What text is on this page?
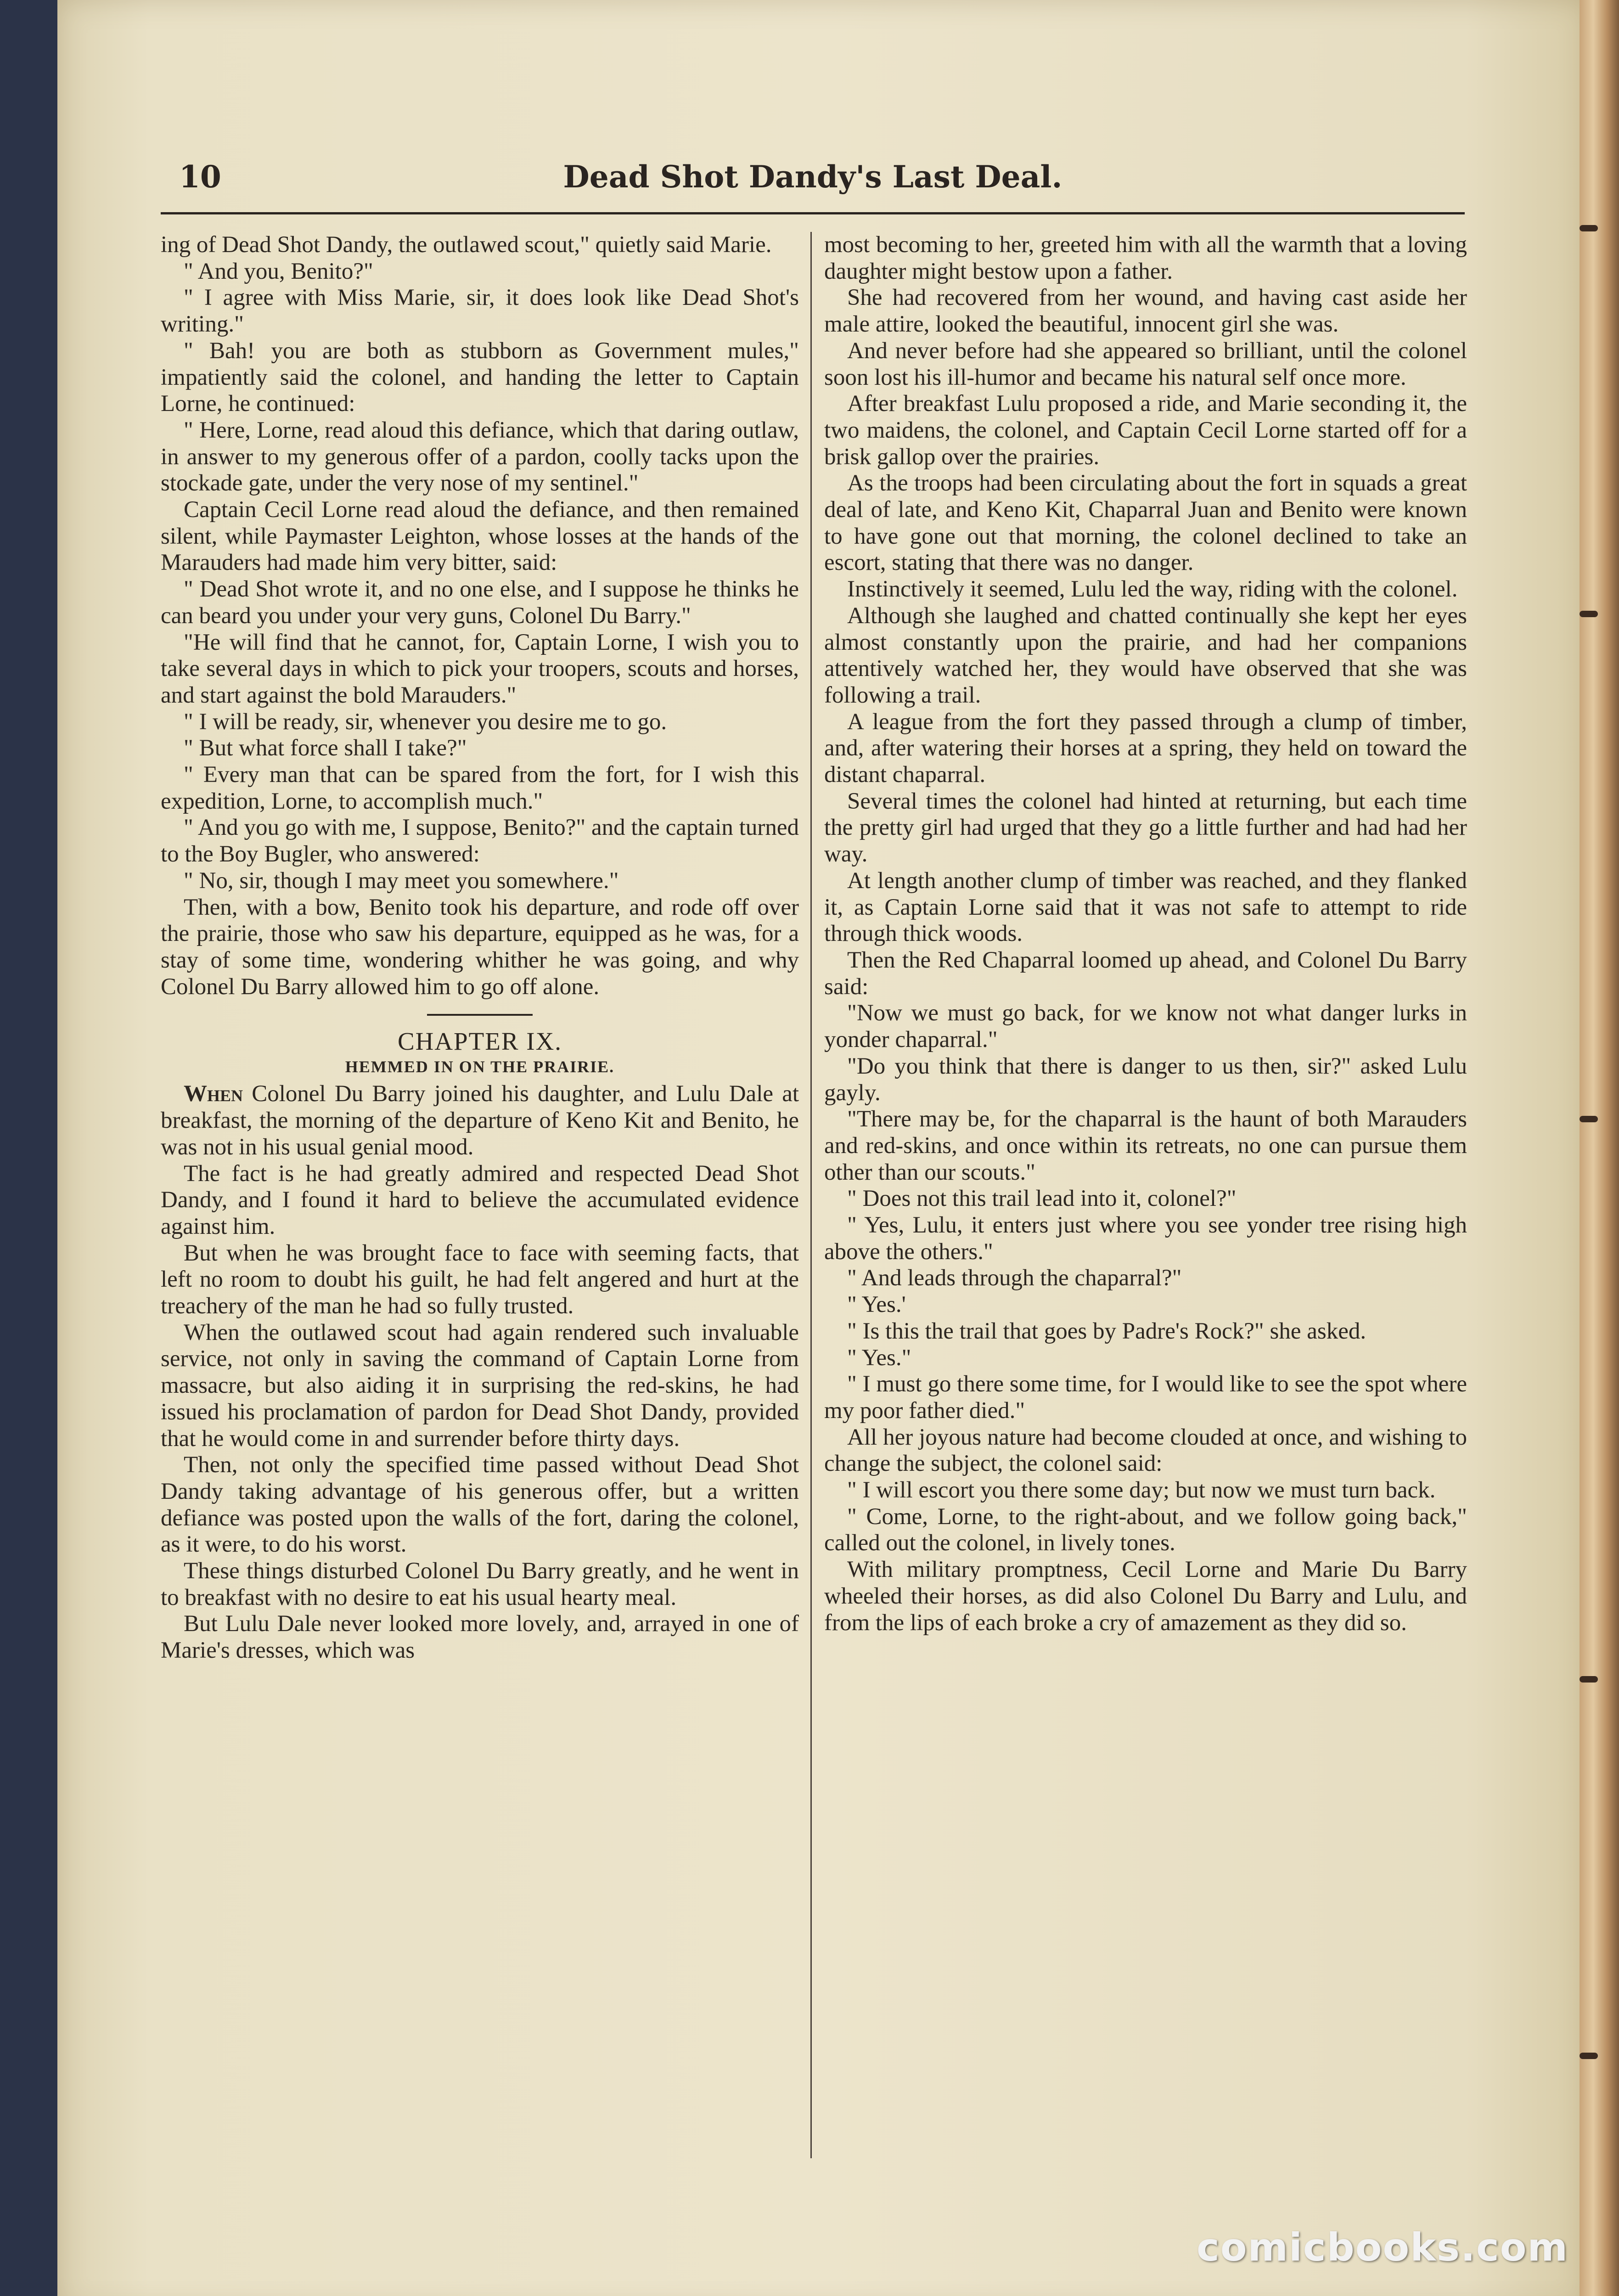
Dead Shot Dandy's Last Deal.
10

ing of Dead Shot Dandy, the outlawed scout," quietly said Marie.

" And you, Benito?"

" I agree with Miss Marie, sir, it does look like Dead Shot's writing."

" Bah! you are both as stubborn as Government mules," impatiently said the colonel, and handing the letter to Captain Lorne, he continued:

" Here, Lorne, read aloud this defiance, which that daring outlaw, in answer to my generous offer of a pardon, coolly tacks upon the stockade gate, under the very nose of my sentinel."

Captain Cecil Lorne read aloud the defiance, and then remained silent, while Paymaster Leighton, whose losses at the hands of the Marauders had made him very bitter, said:

" Dead Shot wrote it, and no one else, and I suppose he thinks he can beard you under your very guns, Colonel Du Barry."

"He will find that he cannot, for, Captain Lorne, I wish you to take several days in which to pick your troopers, scouts and horses, and start against the bold Marauders."

" I will be ready, sir, whenever you desire me to go.

" But what force shall I take?"

" Every man that can be spared from the fort, for I wish this expedition, Lorne, to accomplish much."

" And you go with me, I suppose, Benito?" and the captain turned to the Boy Bugler, who answered:

" No, sir, though I may meet you somewhere."

Then, with a bow, Benito took his departure, and rode off over the prairie, those who saw his departure, equipped as he was, for a stay of some time, wondering whither he was going, and why Colonel Du Barry allowed him to go off alone.

CHAPTER IX.
HEMMED IN ON THE PRAIRIE.

When Colonel Du Barry joined his daughter, and Lulu Dale at breakfast, the morning of the departure of Keno Kit and Benito, he was not in his usual genial mood.

The fact is he had greatly admired and respected Dead Shot Dandy, and I found it hard to believe the accumulated evidence against him.

But when he was brought face to face with seeming facts, that left no room to doubt his guilt, he had felt angered and hurt at the treachery of the man he had so fully trusted.

When the outlawed scout had again rendered such invaluable service, not only in saving the command of Captain Lorne from massacre, but also aiding it in surprising the red-skins, he had issued his proclamation of pardon for Dead Shot Dandy, provided that he would come in and surrender before thirty days.

Then, not only the specified time passed without Dead Shot Dandy taking advantage of his generous offer, but a written defiance was posted upon the walls of the fort, daring the colonel, as it were, to do his worst.

These things disturbed Colonel Du Barry greatly, and he went in to breakfast with no desire to eat his usual hearty meal.

But Lulu Dale never looked more lovely, and, arrayed in one of Marie's dresses, which was

most becoming to her, greeted him with all the warmth that a loving daughter might bestow upon a father.

She had recovered from her wound, and having cast aside her male attire, looked the beautiful, innocent girl she was.

And never before had she appeared so brilliant, until the colonel soon lost his ill-humor and became his natural self once more.

After breakfast Lulu proposed a ride, and Marie seconding it, the two maidens, the colonel, and Captain Cecil Lorne started off for a brisk gallop over the prairies.

As the troops had been circulating about the fort in squads a great deal of late, and Keno Kit, Chaparral Juan and Benito were known to have gone out that morning, the colonel declined to take an escort, stating that there was no danger.

Instinctively it seemed, Lulu led the way, riding with the colonel.

Although she laughed and chatted continually she kept her eyes almost constantly upon the prairie, and had her companions attentively watched her, they would have observed that she was following a trail.

A league from the fort they passed through a clump of timber, and, after watering their horses at a spring, they held on toward the distant chaparral.

Several times the colonel had hinted at returning, but each time the pretty girl had urged that they go a little further and had had her way.

At length another clump of timber was reached, and they flanked it, as Captain Lorne said that it was not safe to attempt to ride through thick woods.

Then the Red Chaparral loomed up ahead, and Colonel Du Barry said:

"Now we must go back, for we know not what danger lurks in yonder chaparral."

"Do you think that there is danger to us then, sir?" asked Lulu gayly.

"There may be, for the chaparral is the haunt of both Marauders and red-skins, and once within its retreats, no one can pursue them other than our scouts."

" Does not this trail lead into it, colonel?"

" Yes, Lulu, it enters just where you see yonder tree rising high above the others."

" And leads through the chaparral?"

" Yes.'

" Is this the trail that goes by Padre's Rock?" she asked.

" Yes."

" I must go there some time, for I would like to see the spot where my poor father died."

All her joyous nature had become clouded at once, and wishing to change the subject, the colonel said:

" I will escort you there some day; but now we must turn back.

" Come, Lorne, to the right-about, and we follow going back," called out the colonel, in lively tones.

With military promptness, Cecil Lorne and Marie Du Barry wheeled their horses, as did also Colonel Du Barry and Lulu, and from the lips of each broke a cry of amazement as they did so.

comicbooks.com
